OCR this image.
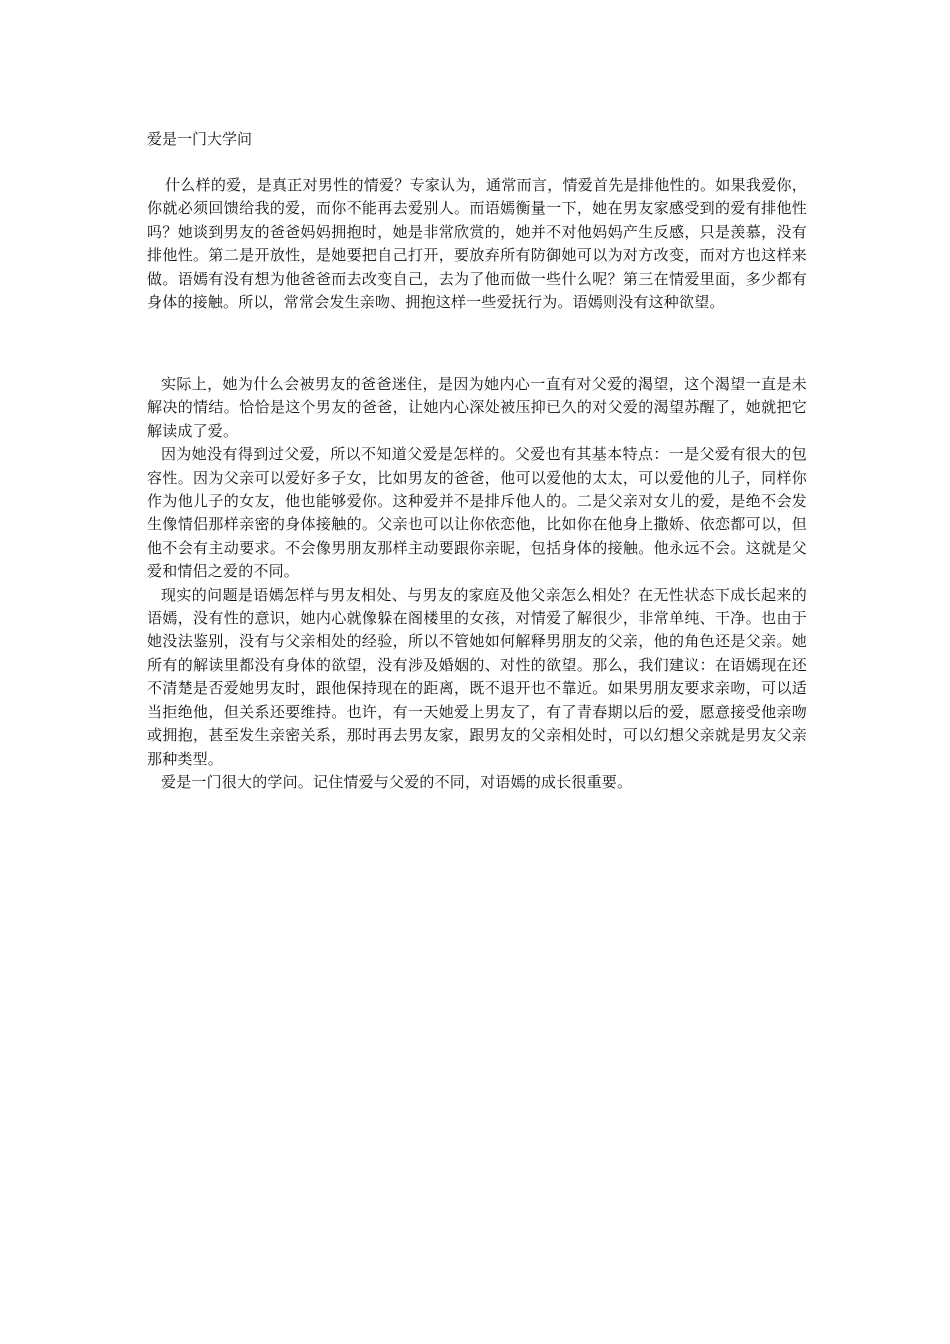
爱是一门大学问

什么样的爱，是真正对男性的情爱？专家认为，通常而言，情爱首先是排他性的。如果我爱你，你就必须回馈给我的爱，而你不能再去爱别人。而语嫣衡量一下，她在男友家感受到的爱有排他性吗？她谈到男友的爸爸妈妈拥抱时，她是非常欣赏的，她并不对他妈妈产生反感，只是羡慕，没有排他性。第二是开放性，是她要把自己打开，要放弃所有防御她可以为对方改变，而对方也这样来做。语嫣有没有想为他爸爸而去改变自己，去为了他而做一些什么呢？第三在情爱里面，多少都有身体的接触。所以，常常会发生亲吻、拥抱这样一些爱抚行为。语嫣则没有这种欲望。

实际上，她为什么会被男友的爸爸迷住，是因为她内心一直有对父爱的渴望，这个渴望一直是未解决的情结。恰恰是这个男友的爸爸，让她内心深处被压抑已久的对父爱的渴望苏醒了，她就把它解读成了爱。

因为她没有得到过父爱，所以不知道父爱是怎样的。父爱也有其基本特点：一是父爱有很大的包容性。因为父亲可以爱好多子女，比如男友的爸爸，他可以爱他的太太，可以爱他的儿子，同样你作为他儿子的女友，他也能够爱你。这种爱并不是排斥他人的。二是父亲对女儿的爱，是绝不会发生像情侣那样亲密的身体接触的。父亲也可以让你依恋他，比如你在他身上撒娇、依恋都可以，但他不会有主动要求。不会像男朋友那样主动要跟你亲昵，包括身体的接触。他永远不会。这就是父爱和情侣之爱的不同。

现实的问题是语嫣怎样与男友相处、与男友的家庭及他父亲怎么相处？在无性状态下成长起来的语嫣，没有性的意识，她内心就像躲在阁楼里的女孩，对情爱了解很少，非常单纯、干净。也由于她没法鉴别，没有与父亲相处的经验，所以不管她如何解释男朋友的父亲，他的角色还是父亲。她所有的解读里都没有身体的欲望，没有涉及婚姻的、对性的欲望。那么，我们建议：在语嫣现在还不清楚是否爱她男友时，跟他保持现在的距离，既不退开也不靠近。如果男朋友要求亲吻，可以适当拒绝他，但关系还要维持。也许，有一天她爱上男友了，有了青春期以后的爱，愿意接受他亲吻或拥抱，甚至发生亲密关系，那时再去男友家，跟男友的父亲相处时，可以幻想父亲就是男友父亲那种类型。

爱是一门很大的学问。记住情爱与父爱的不同，对语嫣的成长很重要。
